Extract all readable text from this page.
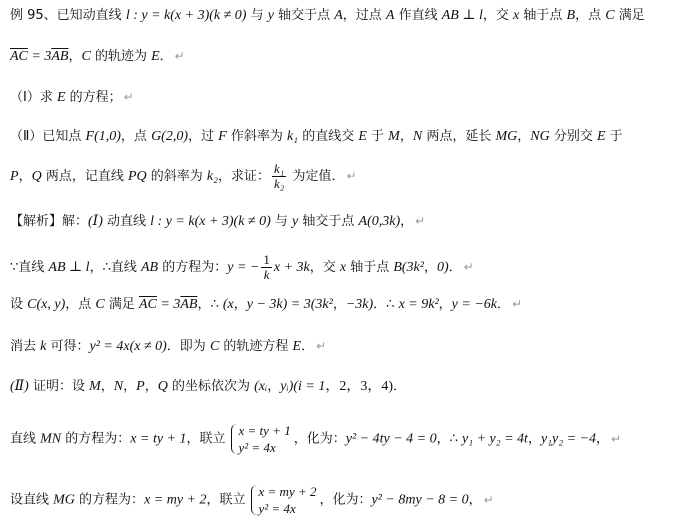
例 95、已知动直线 l : y = k(x + 3)(k ≠ 0) 与 y 轴交于点 A，过点 A 作直线 AB ⊥ l，交 x 轴于点 B，点 C 满足
$\overline{AC} = 3\overline{AB}$，C 的轨迹为 E． ↵
（Ⅰ）求 E 的方程； ↵
（Ⅱ）已知点 F(1,0)，点 G(2,0)，过 F 作斜率为 k₁ 的直线交 E 于 M，N 两点，延长 MG，NG 分别交 E 于
P，Q 两点，记直线 PQ 的斜率为 k₂，求证： $\frac{\text{k₁}}{\text{k₂}}$ 为定值． ↵
【解析】解：(Ⅰ) 动直线 l : y = k(x + 3)(k ≠ 0) 与 y 轴交于点 A(0,3k)， ↵
∵直线 AB ⊥ l，∴直线 AB 的方程为：y = − $\frac{1}{k}$ x + 3k，交 x 轴于点 B(3k²，0)． ↵
设 C(x, y)，点 C 满足 $\overline{AC} = 3\overline{AB}$，∴ (x，y − 3k) = 3(3k²，−3k)．∴ x = 9k²，y = −6k． ↵
消去 k 可得：y² = 4x(x ≠ 0)．即为 C 的轨迹方程 E． ↵
(Ⅱ) 证明：设 M，N，P，Q 的坐标依次为 (xᵢ，yᵢ)(i = 1，2，3，4)．
直线 MN 的方程为：x = ty + 1，联立
x = ty + 1
y² = 4x
，化为：y² − 4ty − 4 = 0，∴ y₁ + y₂ = 4t，y₁y₂ = −4， ↵
设直线 MG 的方程为：x = my + 2，联立
x = my + 2
y² = 4x
，化为：y² − 8my − 8 = 0， ↵
